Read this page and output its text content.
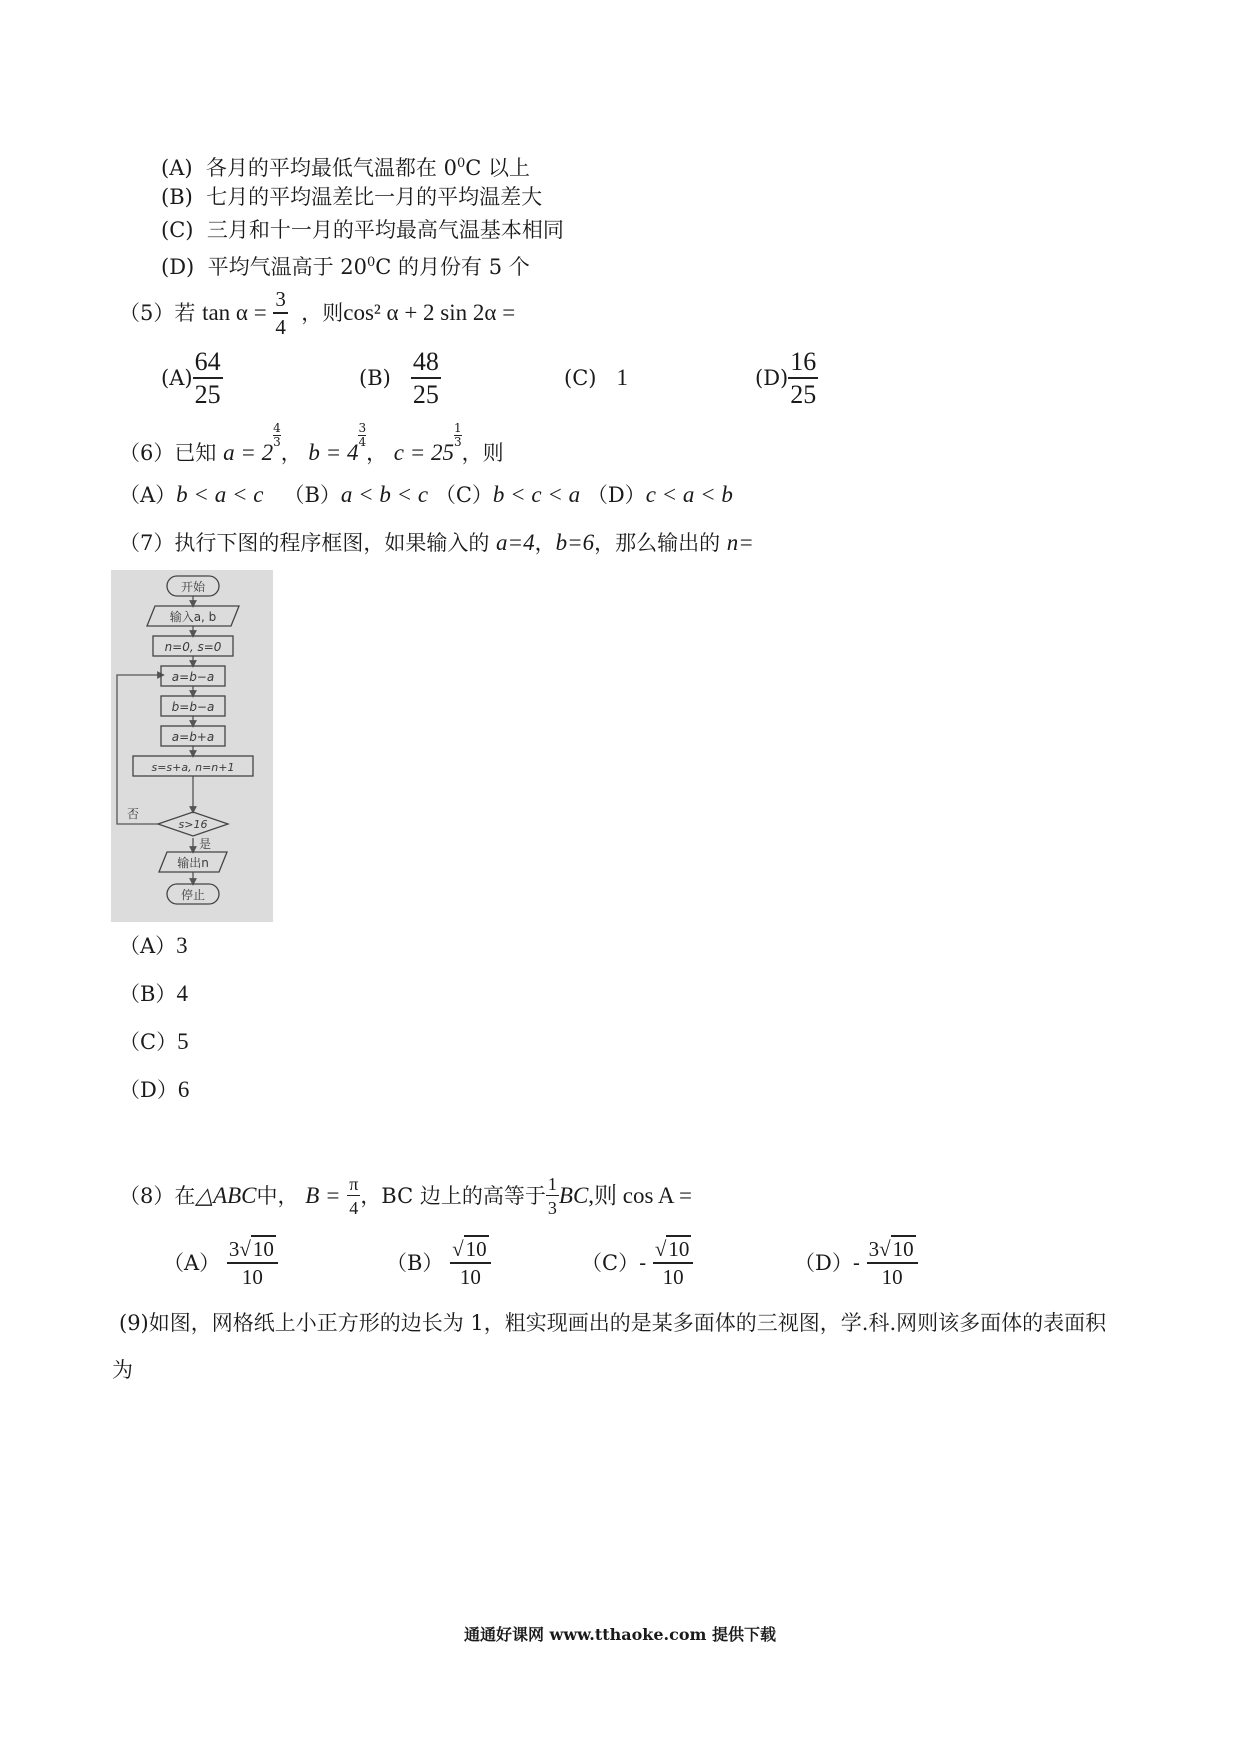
(A) 各月的平均最低气温都在 $0^0C$ 以上
(B) 七月的平均温差比一月的平均温差大
(C) 三月和十一月的平均最高气温基本相同
(D) 平均气温高于 $20^0C$ 的月份有 5 个
（5）若
tan α =
$\frac{3}{4}$
，则 cos² α + 2 sin 2α =
$(A) \frac{64}{25}$	(B)
$\frac{48}{25}$	(C)
1	$(D) \frac{16}{25}$
（6）已知 a = 2
$\frac{4}{3}$
， b = 4
$\frac{3}{4}$
， c = 25
$\frac{1}{3}$
，则
（A）b < a < c （B）a < b < c （C）b < c < a （D）c < a < b
（7）执行下图的程序框图，如果输入的 a=4，b=6，那么输出的 n=
开始
输入a, b
n=0, s=0
a=b−a
b=b−a
a=b+a
s=s+a, n=n+1
s>16
否
是
输出n
停止
（A）3
（B）4
（C）5
（D）6
（8）在 △ABC 中，
B =
$\frac{\pi}{4}$ ，BC 边上的高等于 $\frac{1}{3}$ BC ,则 cos A =
（A）
$\frac{3√10}{10}$	（B）
$\frac{√10}{10}$	（C） -
$\frac{√10}{10}$	（D） -
$\frac{3√10}{10}$
(9)如图，网格纸上小正方形的边长为 1，粗实现画出的是某多面体的三视图，学.科.网则该多面体的表面积
为
通通好课网 www.tthaoke.com 提供下载
